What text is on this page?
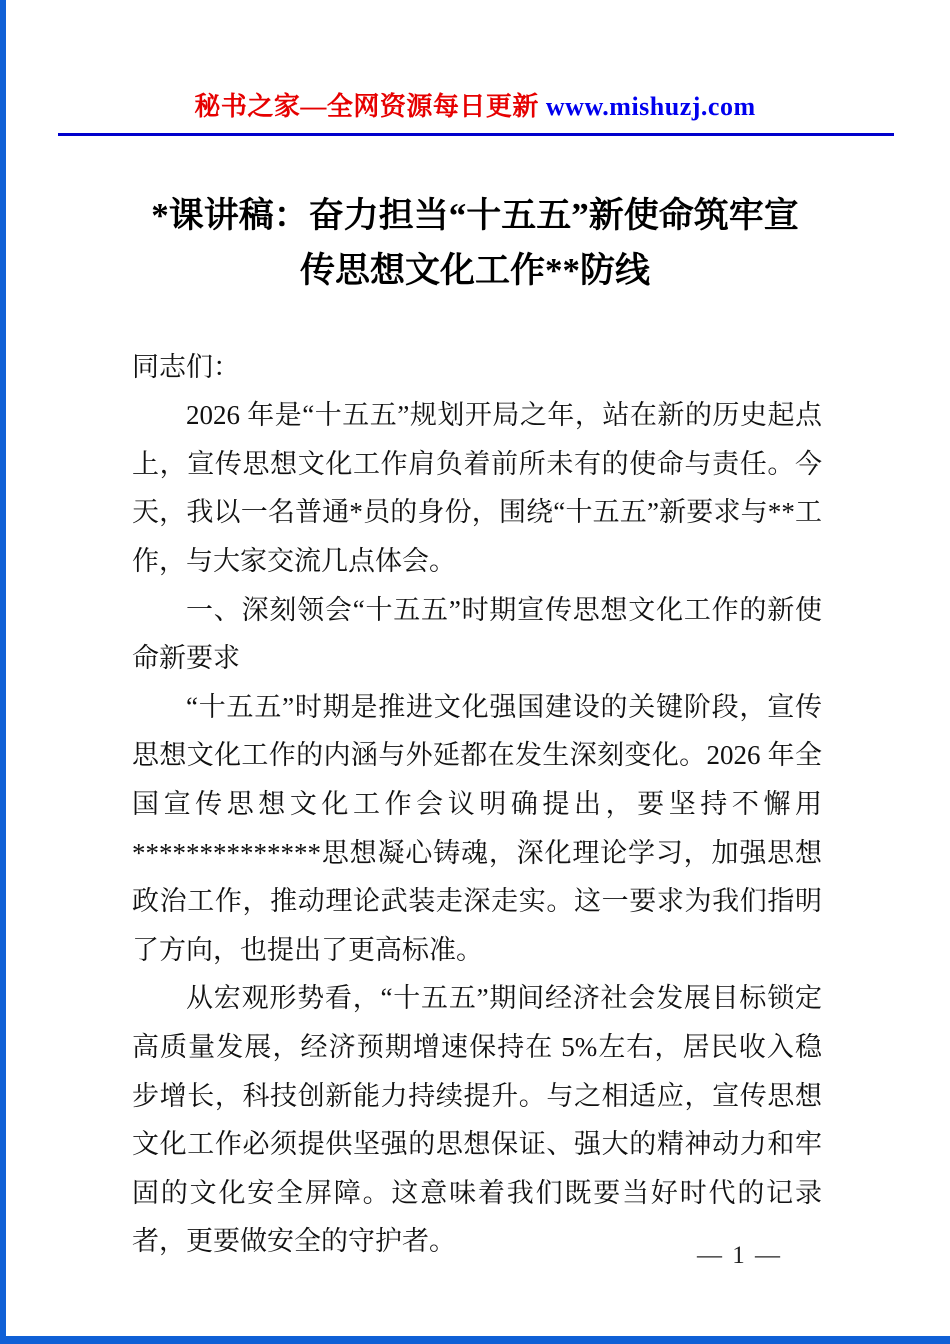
秘书之家—全网资源每日更新 www.mishuzj.com
*课讲稿：奋力担当“十五五”新使命筑牢宣
传思想文化工作**防线

同志们：

2026 年是“十五五”规划开局之年，站在新的历史起点上，宣传思想文化工作肩负着前所未有的使命与责任。今天，我以一名普通*员的身份，围绕“十五五”新要求与**工作，与大家交流几点体会。

一、深刻领会“十五五”时期宣传思想文化工作的新使命新要求

“十五五”时期是推进文化强国建设的关键阶段，宣传思想文化工作的内涵与外延都在发生深刻变化。2026 年全国宣传思想文化工作会议明确提出，要坚持不懈用**************思想凝心铸魂，深化理论学习，加强思想政治工作，推动理论武装走深走实。这一要求为我们指明了方向，也提出了更高标准。

从宏观形势看，“十五五”期间经济社会发展目标锁定高质量发展，经济预期增速保持在 5%左右，居民收入稳步增长，科技创新能力持续提升。与之相适应，宣传思想文化工作必须提供坚强的思想保证、强大的精神动力和牢固的文化安全屏障。这意味着我们既要当好时代的记录者，更要做安全的守护者。	— 1 —
